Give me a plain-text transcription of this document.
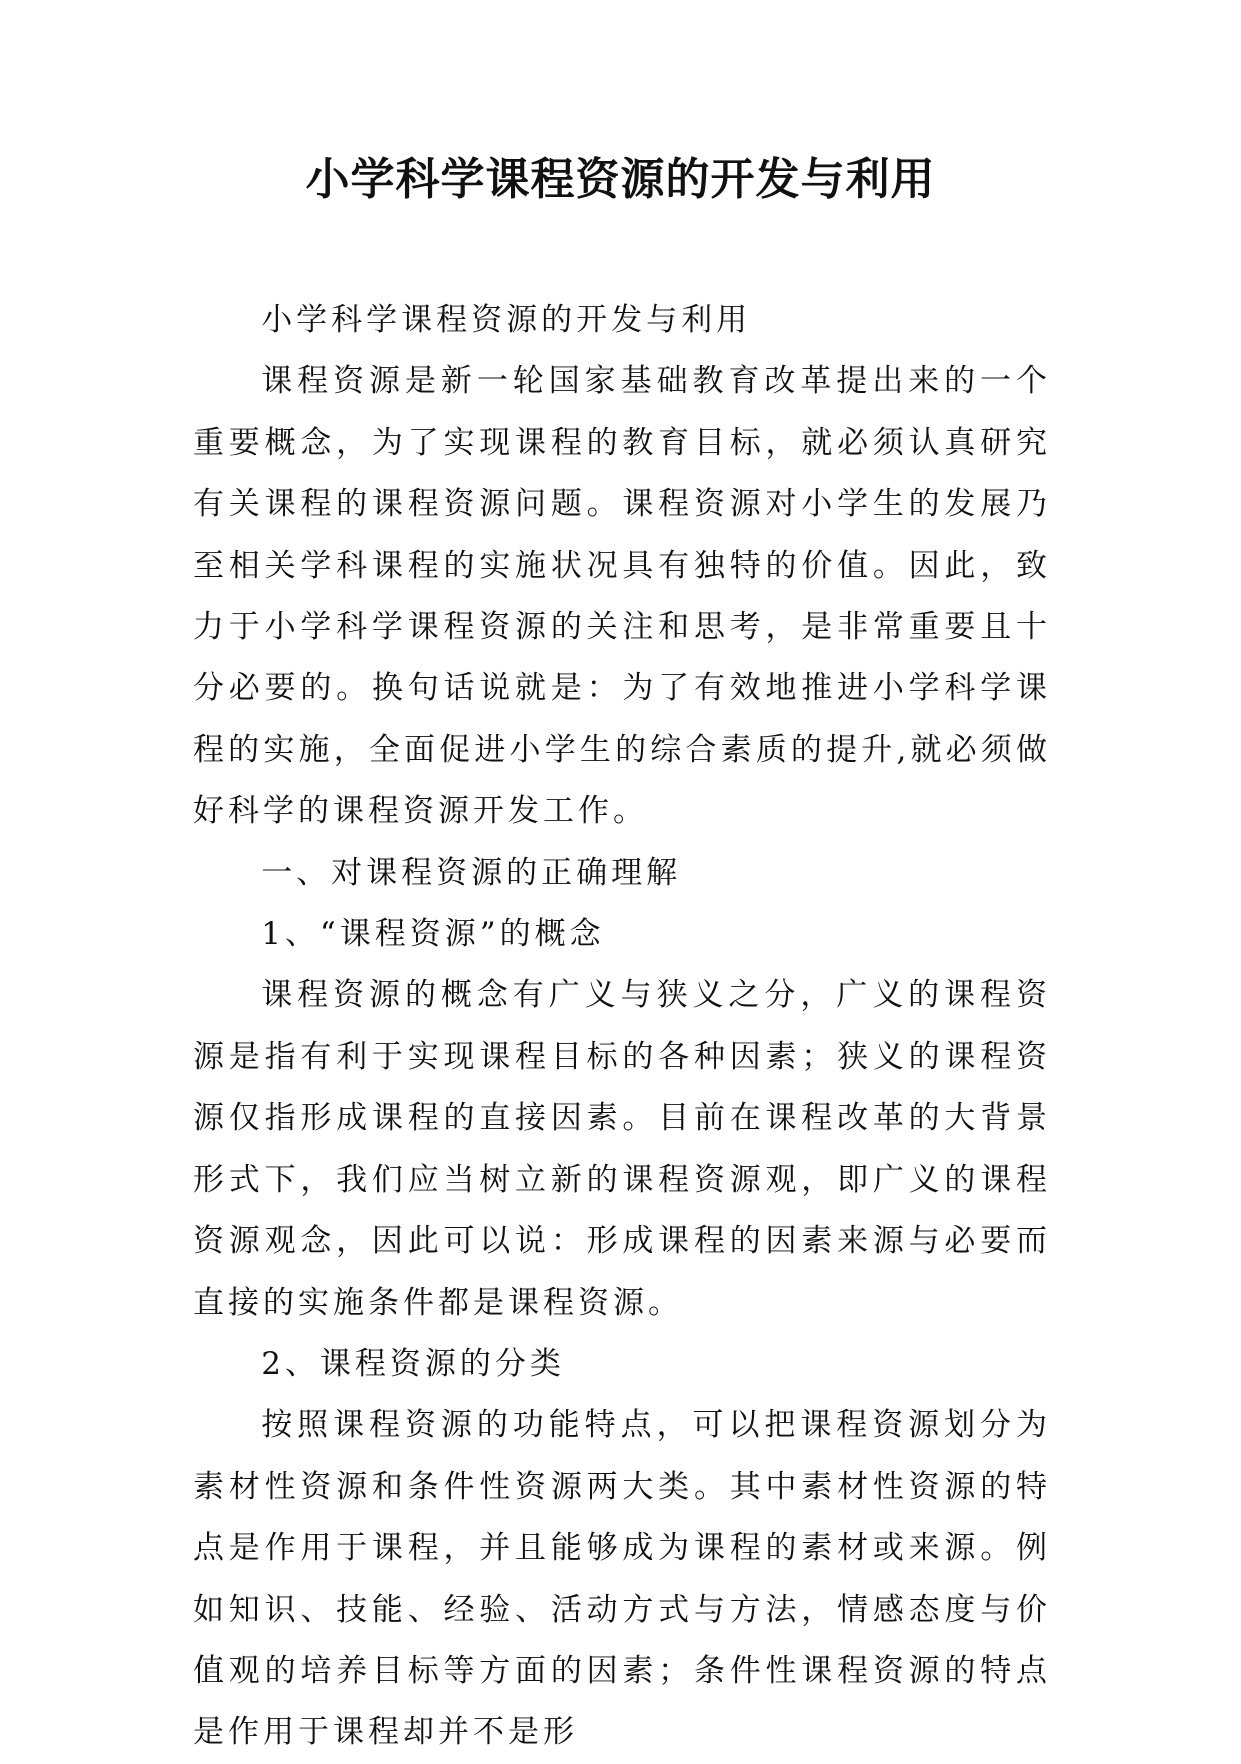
小学科学课程资源的开发与利用

小学科学课程资源的开发与利用

课程资源是新一轮国家基础教育改革提出来的一个重要概念，为了实现课程的教育目标，就必须认真研究有关课程的课程资源问题。课程资源对小学生的发展乃至相关学科课程的实施状况具有独特的价值。因此，致力于小学科学课程资源的关注和思考，是非常重要且十分必要的。换句话说就是：为了有效地推进小学科学课程的实施，全面促进小学生的综合素质的提升,就必须做好科学的课程资源开发工作。

一、对课程资源的正确理解

1、“课程资源”的概念

课程资源的概念有广义与狭义之分，广义的课程资源是指有利于实现课程目标的各种因素；狭义的课程资源仅指形成课程的直接因素。目前在课程改革的大背景形式下，我们应当树立新的课程资源观，即广义的课程资源观念，因此可以说：形成课程的因素来源与必要而直接的实施条件都是课程资源。

2、课程资源的分类

按照课程资源的功能特点，可以把课程资源划分为素材性资源和条件性资源两大类。其中素材性资源的特点是作用于课程，并且能够成为课程的素材或来源。例如知识、技能、经验、活动方式与方法，情感态度与价值观的培养目标等方面的因素；条件性课程资源的特点是作用于课程却并不是形
